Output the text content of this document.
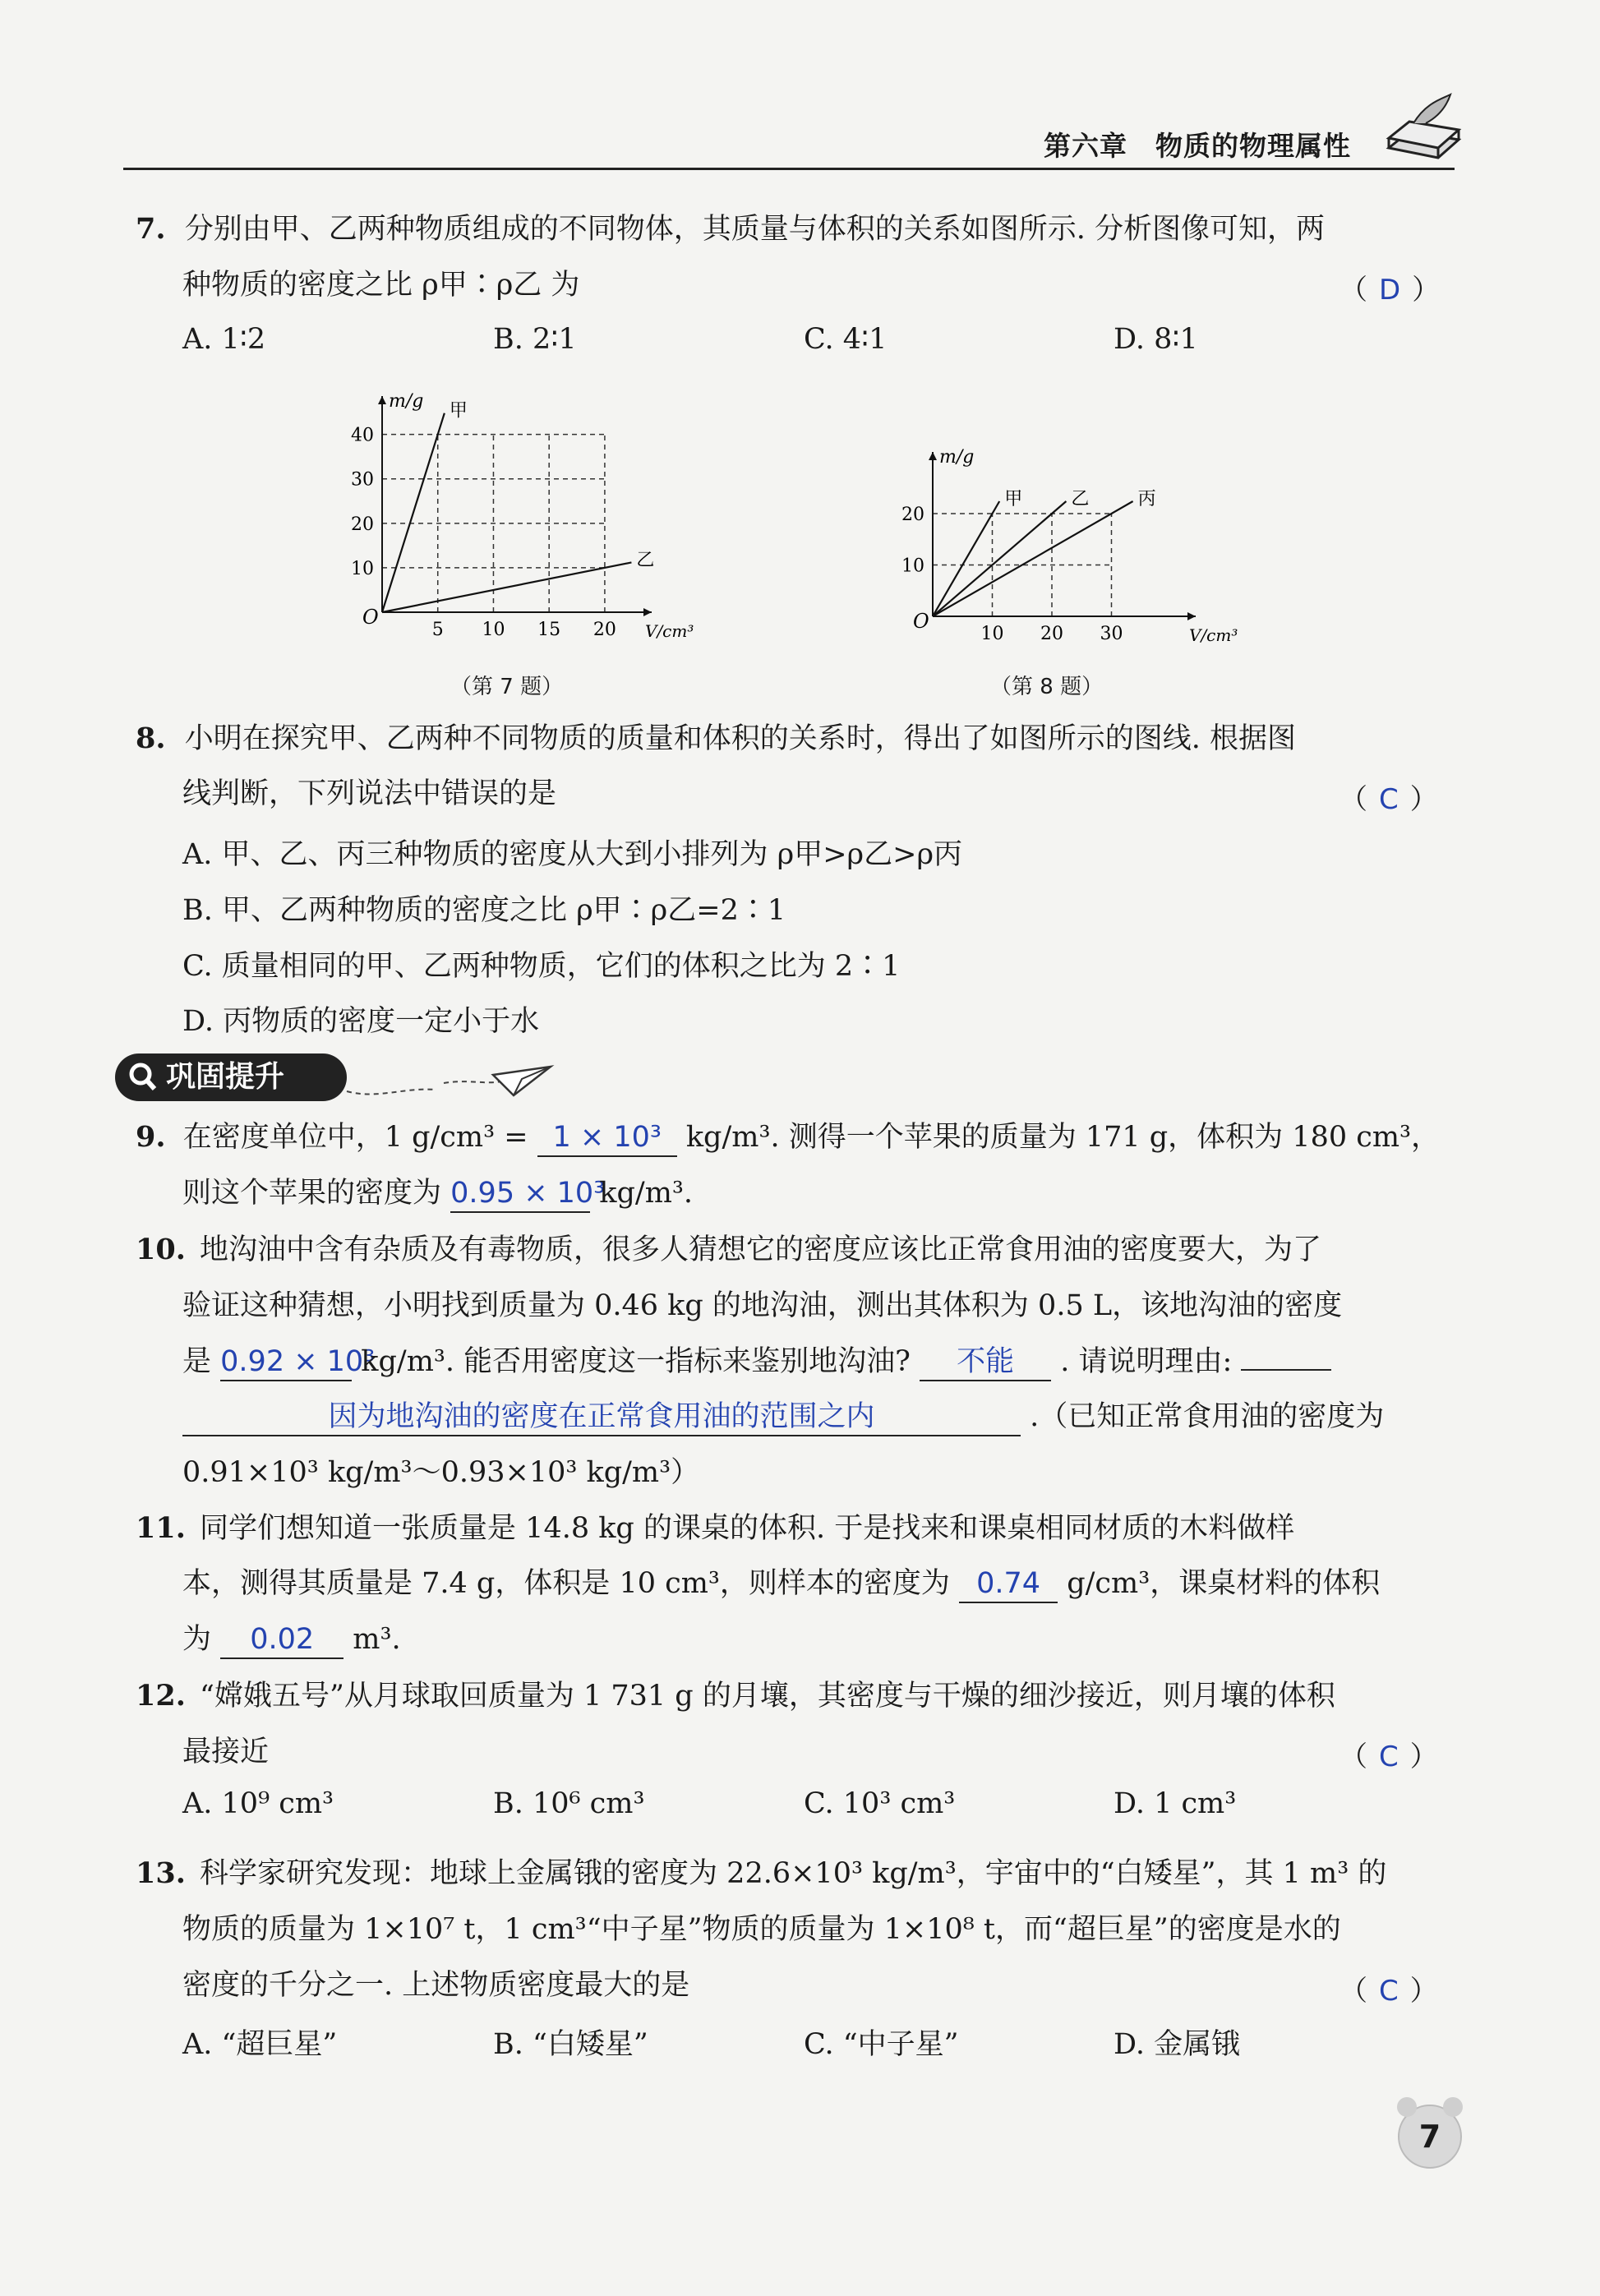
第六章　物质的物理属性
7. 分别由甲、乙两种物质组成的不同物体，其质量与体积的关系如图所示. 分析图像可知，两
种物质的密度之比 ρ甲∶ρ乙 为	（ D ）
A. 1∶2	B. 2∶1	C. 4∶1	D. 8∶1
5 10 15 20
10
20
30
40
O
V/cm³
m/g 甲
乙
（第 7 题）
10 20 30
10
20
O
V/cm³
m/g
甲	乙	丙
（第 8 题）
8. 小明在探究甲、乙两种不同物质的质量和体积的关系时，得出了如图所示的图线. 根据图
线判断，下列说法中错误的是	（ C ）
A. 甲、乙、丙三种物质的密度从大到小排列为 ρ甲>ρ乙>ρ丙
B. 甲、乙两种物质的密度之比 ρ甲∶ρ乙=2∶1
C. 质量相同的甲、乙两种物质，它们的体积之比为 2∶1
D. 丙物质的密度一定小于水
巩固提升
9. 在密度单位中，1 g/cm³ = 1 × 10³ kg/m³. 测得一个苹果的质量为 171 g，体积为 180 cm³，
则这个苹果的密度为 0.95 × 10³ kg/m³.
10. 地沟油中含有杂质及有毒物质，很多人猜想它的密度应该比正常食用油的密度要大，为了
验证这种猜想，小明找到质量为 0.46 kg 的地沟油，测出其体积为 0.5 L，该地沟油的密度
是 0.92 × 10³ kg/m³. 能否用密度这一指标来鉴别地沟油? 不能 . 请说明理由:
因为地沟油的密度在正常食用油的范围之内	.（已知正常食用油的密度为
0.91×10³ kg/m³～0.93×10³ kg/m³）
11. 同学们想知道一张质量是 14.8 kg 的课桌的体积. 于是找来和课桌相同材质的木料做样
本，测得其质量是 7.4 g，体积是 10 cm³，则样本的密度为 0.74 g/cm³，课桌材料的体积
为 0.02 m³.
12. “嫦娥五号”从月球取回质量为 1 731 g 的月壤，其密度与干燥的细沙接近，则月壤的体积
最接近	（ C ）
A. 10⁹ cm³	B. 10⁶ cm³	C. 10³ cm³	D. 1 cm³
13. 科学家研究发现：地球上金属锇的密度为 22.6×10³ kg/m³，宇宙中的“白矮星”，其 1 m³ 的
物质的质量为 1×10⁷ t，1 cm³“中子星”物质的质量为 1×10⁸ t，而“超巨星”的密度是水的
密度的千分之一. 上述物质密度最大的是	（ C ）
A. “超巨星”	B. “白矮星”	C. “中子星”	D. 金属锇
7
